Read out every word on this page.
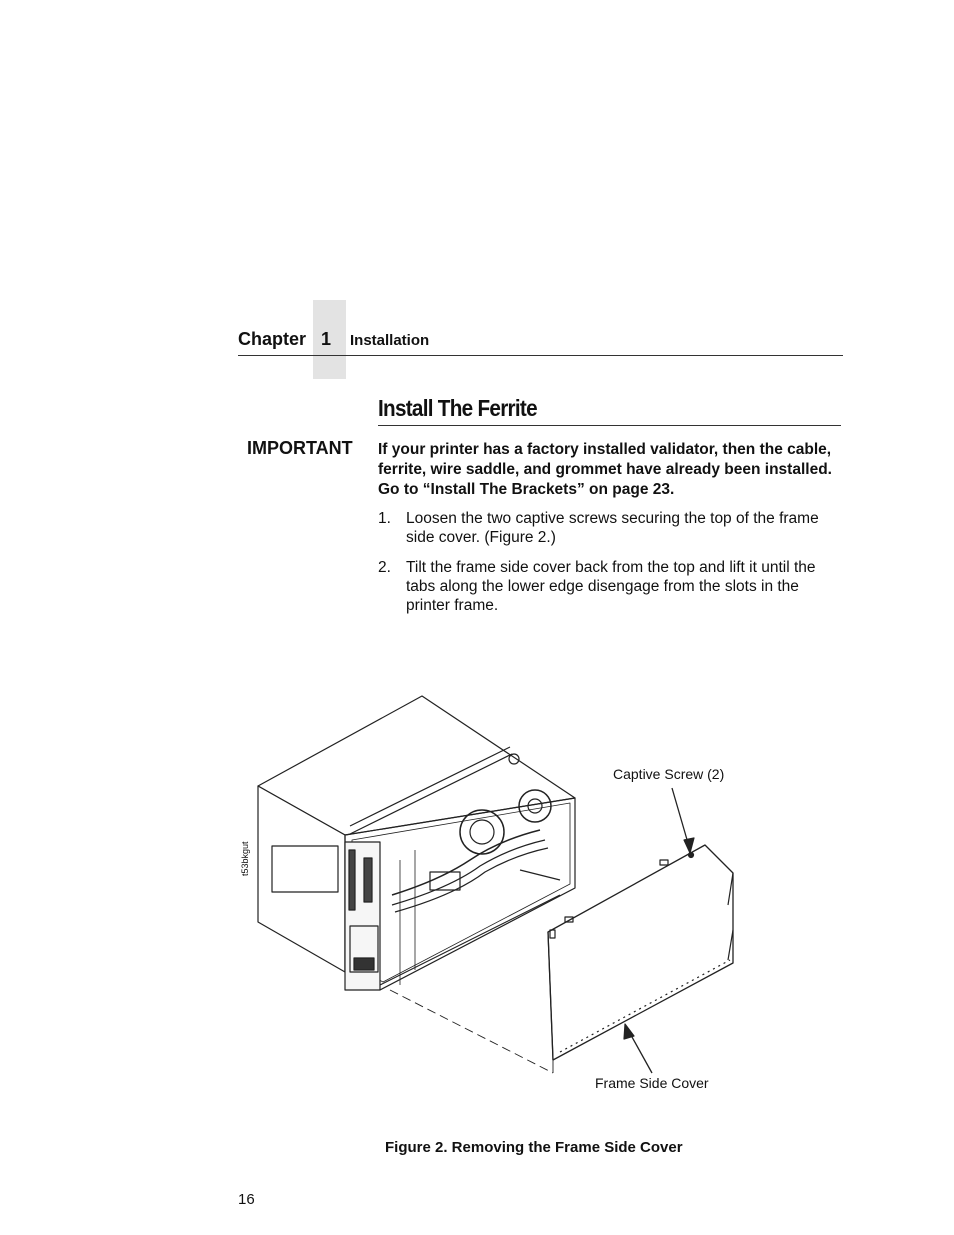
Chapter 1 Installation
Install The Ferrite
IMPORTANT If your printer has a factory installed validator, then the cable, ferrite, wire saddle, and grommet have already been installed. Go to “Install The Brackets” on page 23.
1. Loosen the two captive screws securing the top of the frame side cover. (Figure 2.)
2. Tilt the frame side cover back from the top and lift it until the tabs along the lower edge disengage from the slots in the printer frame.
t53bkgut
Captive Screw (2)
Frame Side Cover
Figure 2. Removing the Frame Side Cover
16
